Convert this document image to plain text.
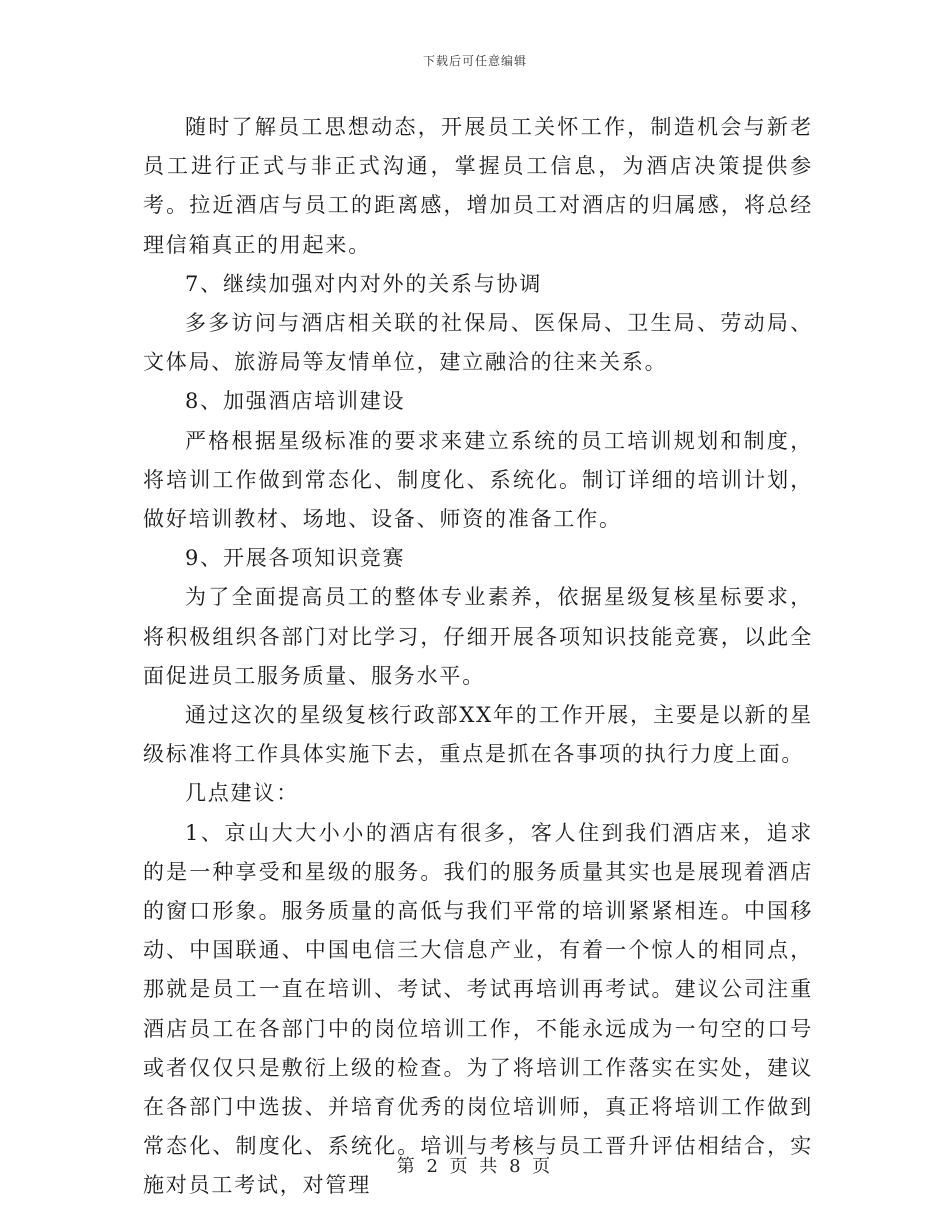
下载后可任意编辑

随时了解员工思想动态，开展员工关怀工作，制造机会与新老员工进行正式与非正式沟通，掌握员工信息，为酒店决策提供参考。拉近酒店与员工的距离感，增加员工对酒店的归属感，将总经理信箱真正的用起来。

7、继续加强对内对外的关系与协调

多多访问与酒店相关联的社保局、医保局、卫生局、劳动局、文体局、旅游局等友情单位，建立融洽的往来关系。

8、加强酒店培训建设

严格根据星级标准的要求来建立系统的员工培训规划和制度，将培训工作做到常态化、制度化、系统化。制订详细的培训计划，做好培训教材、场地、设备、师资的准备工作。

9、开展各项知识竞赛

为了全面提高员工的整体专业素养，依据星级复核星标要求，将积极组织各部门对比学习，仔细开展各项知识技能竞赛，以此全面促进员工服务质量、服务水平。

通过这次的星级复核行政部XX年的工作开展，主要是以新的星级标准将工作具体实施下去，重点是抓在各事项的执行力度上面。

几点建议：

1、京山大大小小的酒店有很多，客人住到我们酒店来，追求的是一种享受和星级的服务。我们的服务质量其实也是展现着酒店的窗口形象。服务质量的高低与我们平常的培训紧紧相连。中国移动、中国联通、中国电信三大信息产业，有着一个惊人的相同点，那就是员工一直在培训、考试、考试再培训再考试。建议公司注重酒店员工在各部门中的岗位培训工作，不能永远成为一句空的口号或者仅仅只是敷衍上级的检查。为了将培训工作落实在实处，建议在各部门中选拔、并培育优秀的岗位培训师，真正将培训工作做到常态化、制度化、系统化。培训与考核与员工晋升评估相结合，实施对员工考试，对管理

第 2 页 共 8 页
